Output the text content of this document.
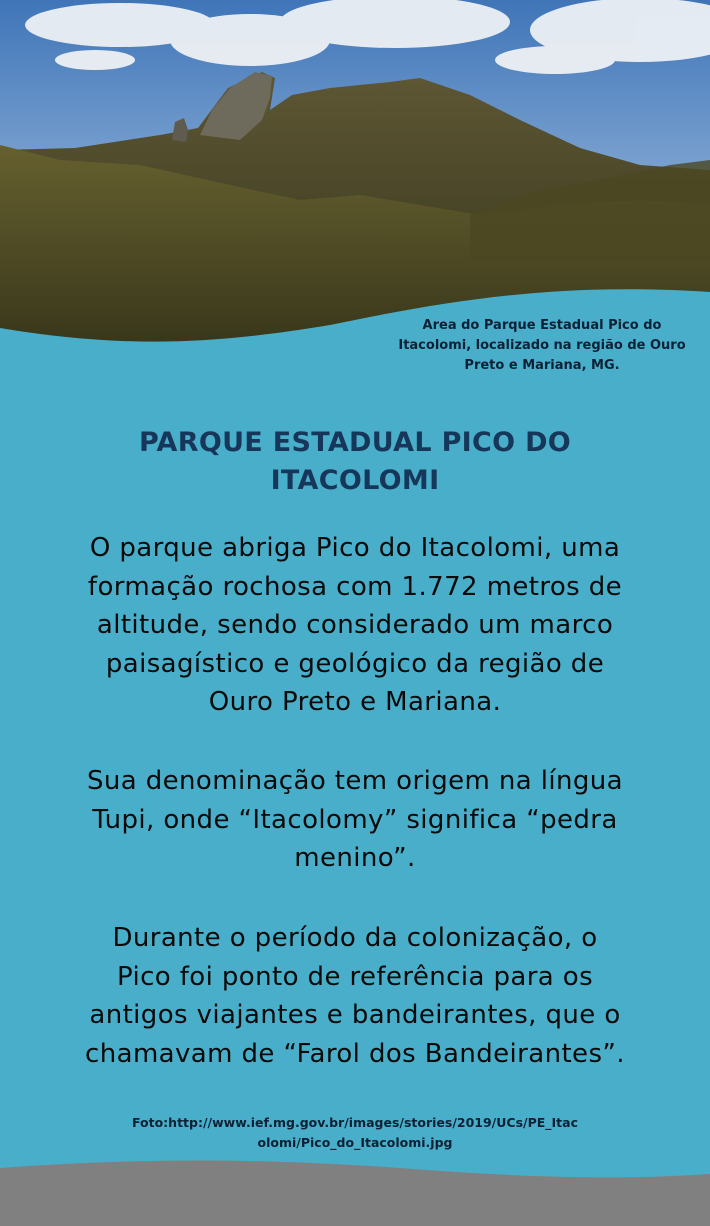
Area do Parque Estadual Pico do
Itacolomi, localizado na região de Ouro
Preto e Mariana, MG.
PARQUE ESTADUAL PICO DO
ITACOLOMI
O parque abriga Pico do Itacolomi, uma
formação rochosa com 1.772 metros de
altitude, sendo considerado um marco
paisagístico e geológico da região de
Ouro Preto e Mariana.
Sua denominação tem origem na língua
Tupi, onde “Itacolomy” significa “pedra
menino”.
Durante o período da colonização, o
Pico foi ponto de referência para os
antigos viajantes e bandeirantes, que o
chamavam de “Farol dos Bandeirantes”.
Foto:http://www.ief.mg.gov.br/images/stories/2019/UCs/PE_Itac
olomi/Pico_do_Itacolomi.jpg
